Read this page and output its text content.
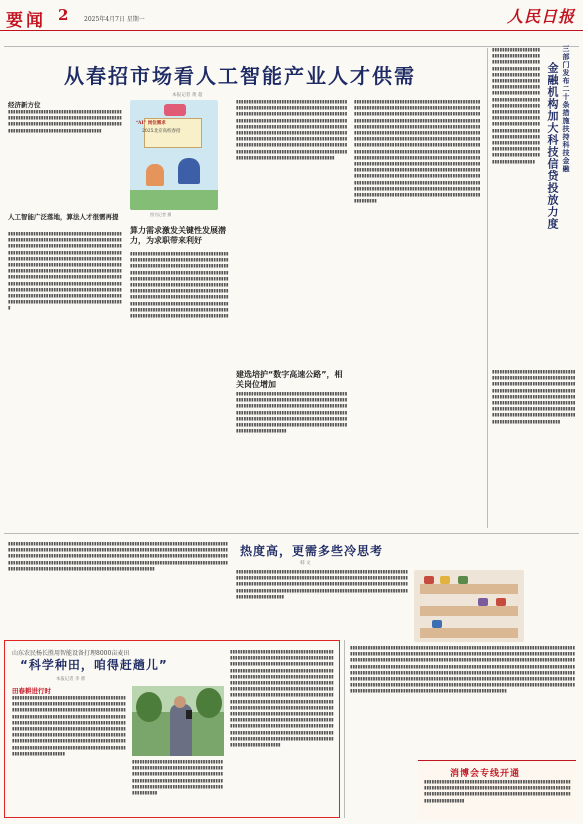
要闻 2	2025年4月7日 星期一	人民日报
从春招市场看人工智能产业人才供需
本报记者 黄 超
经济新方位
▮▮▮▮▮▮▮▮▮▮▮▮▮▮▮▮▮▮▮▮▮▮▮▮▮▮▮▮▮▮▮▮▮▮▮▮▮▮▮▮▮▮▮▮▮▮▮▮▮▮▮▮▮▮▮▮▮▮▮▮▮▮▮▮▮▮▮▮▮▮▮▮▮▮▮▮▮▮▮▮▮▮▮▮▮▮▮▮▮▮▮▮▮▮▮▮▮▮▮▮▮▮▮▮▮▮▮▮▮▮▮▮▮▮▮▮▮▮▮▮▮▮▮▮▮▮▮▮▮▮▮▮▮▮▮▮▮▮▮▮▮▮▮▮▮▮▮▮▮▮▮▮▮▮▮▮▮▮▮▮▮▮▮▮▮▮▮▮▮▮▮▮
人工智能广泛落地，算法人才很需再提
▮▮▮▮▮▮▮▮▮▮▮▮▮▮▮▮▮▮▮▮▮▮▮▮▮▮▮▮▮▮▮▮▮▮▮▮▮▮▮▮▮▮▮▮▮▮▮▮▮▮▮▮▮▮▮▮▮▮▮▮▮▮▮▮▮▮▮▮▮▮▮▮▮▮▮▮▮▮▮▮▮▮▮▮▮▮▮▮▮▮▮▮▮▮▮▮▮▮▮▮▮▮▮▮▮▮▮▮▮▮▮▮▮▮▮▮▮▮▮▮▮▮▮▮▮▮▮▮▮▮▮▮▮▮▮▮▮▮▮▮▮▮▮▮▮▮▮▮▮▮▮▮▮▮▮▮▮▮▮▮▮▮▮▮▮▮▮▮▮▮▮▮▮▮▮▮▮▮▮▮▮▮▮▮▮▮▮▮▮▮▮▮▮▮▮▮▮▮▮▮▮▮▮▮▮▮▮▮▮▮▮▮▮▮▮▮▮▮▮▮▮▮▮▮▮▮▮▮▮▮▮▮▮▮▮▮▮▮▮▮▮▮▮▮▮▮▮▮▮▮▮▮▮▮▮▮▮▮▮▮▮▮▮▮▮▮▮▮▮▮▮▮▮▮▮▮▮▮▮▮▮▮▮▮▮▮▮▮▮▮▮▮▮▮▮▮▮▮▮▮▮▮▮▮▮▮▮▮▮▮▮▮▮▮▮▮▮▮▮▮▮▮▮▮▮▮▮▮▮▮▮▮▮▮▮▮▮▮▮▮▮▮▮▮▮▮▮▮▮▮▮▮▮▮▮▮▮▮▮▮▮▮▮▮▮▮▮▮▮▮▮▮▮▮▮▮▮▮▮▮▮▮▮▮▮▮▮▮▮▮▮▮▮▮▮▮▮▮▮▮▮▮▮▮▮▮▮▮▮▮▮▮▮▮▮▮▮▮▮▮▮▮▮▮▮▮▮▮▮▮▮▮▮▮▮▮▮▮▮▮▮▮▮▮▮▮▮▮▮▮▮▮▮▮▮▮▮▮▮▮▮▮▮▮▮▮▮▮▮▮▮▮▮▮▮▮▮▮▮▮▮▮▮▮▮▮▮▮▮▮▮▮▮▮▮▮▮▮▮▮▮▮▮▮▮▮▮▮▮▮▮▮▮▮▮▮▮▮▮▮▮▮▮▮▮▮▮▮▮▮▮▮▮▮▮▮▮▮▮▮▮
“AI” 岗位需求
2025北京高校春招
图为记者 摄
算力需求激发关键性发展潜力，为求职带来利好
▮▮▮▮▮▮▮▮▮▮▮▮▮▮▮▮▮▮▮▮▮▮▮▮▮▮▮▮▮▮▮▮▮▮▮▮▮▮▮▮▮▮▮▮▮▮▮▮▮▮▮▮▮▮▮▮▮▮▮▮▮▮▮▮▮▮▮▮▮▮▮▮▮▮▮▮▮▮▮▮▮▮▮▮▮▮▮▮▮▮▮▮▮▮▮▮▮▮▮▮▮▮▮▮▮▮▮▮▮▮▮▮▮▮▮▮▮▮▮▮▮▮▮▮▮▮▮▮▮▮▮▮▮▮▮▮▮▮▮▮▮▮▮▮▮▮▮▮▮▮▮▮▮▮▮▮▮▮▮▮▮▮▮▮▮▮▮▮▮▮▮▮▮▮▮▮▮▮▮▮▮▮▮▮▮▮▮▮▮▮▮▮▮▮▮▮▮▮▮▮▮▮▮▮▮▮▮▮▮▮▮▮▮▮▮▮▮▮▮▮▮▮▮▮▮▮▮▮▮▮▮▮▮▮▮▮▮▮▮▮▮▮▮▮▮▮▮▮▮▮▮▮▮▮▮▮▮▮▮▮▮▮▮▮▮▮▮▮▮▮▮▮▮▮▮▮▮▮▮▮▮▮▮▮▮▮▮▮▮▮▮▮▮▮▮▮▮▮▮▮▮▮▮▮▮▮▮▮▮▮▮▮▮▮▮▮▮▮▮▮▮▮▮▮▮▮▮▮▮▮▮▮▮▮▮▮▮▮▮▮▮▮▮▮▮▮▮▮▮▮▮▮▮▮▮▮▮▮▮▮▮▮▮▮▮▮▮▮▮▮▮▮▮▮▮▮▮▮▮▮▮▮▮▮▮▮▮▮▮▮▮▮▮▮▮▮▮▮▮▮▮▮▮▮▮▮▮▮▮▮▮▮▮▮▮▮▮▮▮▮▮▮▮▮▮▮▮▮▮
建选培护“数字高速公路”，相关岗位增加
▮▮▮▮▮▮▮▮▮▮▮▮▮▮▮▮▮▮▮▮▮▮▮▮▮▮▮▮▮▮▮▮▮▮▮▮▮▮▮▮▮▮▮▮▮▮▮▮▮▮▮▮▮▮▮▮▮▮▮▮▮▮▮▮▮▮▮▮▮▮▮▮▮▮▮▮▮▮▮▮▮▮▮▮▮▮▮▮▮▮▮▮▮▮▮▮▮▮▮▮▮▮▮▮▮▮▮▮▮▮▮▮▮▮▮▮▮▮▮▮▮▮▮▮▮▮▮▮▮▮▮▮▮▮▮▮▮▮▮▮▮▮▮▮▮▮▮▮▮▮▮▮▮▮▮▮▮▮▮▮▮▮▮▮▮▮▮▮▮▮▮▮▮▮▮▮▮▮▮▮▮▮▮▮▮▮▮▮▮▮▮▮▮▮▮▮▮▮▮▮▮▮▮▮▮▮▮▮▮▮▮▮▮▮▮▮▮▮▮▮▮▮▮▮▮▮▮▮▮▮▮▮▮▮▮▮▮▮▮▮▮▮▮▮▮▮▮▮▮▮▮▮▮▮▮▮▮▮▮▮▮▮▮▮▮▮▮▮▮▮▮▮▮▮▮▮▮▮▮▮▮▮▮▮▮▮▮▮▮▮▮▮▮▮▮▮▮▮▮▮▮▮▮▮▮▮▮▮▮▮▮▮▮▮▮▮▮▮▮▮▮▮▮▮▮▮▮▮▮▮▮▮▮▮▮▮▮▮▮▮▮▮▮▮▮▮▮▮▮▮▮▮▮▮▮▮▮▮▮▮▮▮▮▮▮▮▮▮▮▮▮▮▮▮▮▮▮▮▮▮▮▮▮▮▮▮▮▮▮▮▮▮▮▮▮▮▮▮▮▮▮▮▮▮▮▮▮▮▮▮▮▮▮▮▮▮▮▮▮▮▮▮▮▮▮▮▮▮▮▮▮▮▮▮▮
▮▮▮▮▮▮▮▮▮▮▮▮▮▮▮▮▮▮▮▮▮▮▮▮▮▮▮▮▮▮▮▮▮▮▮▮▮▮▮▮▮▮▮▮▮▮▮▮▮▮▮▮▮▮▮▮▮▮▮▮▮▮▮▮▮▮▮▮▮▮▮▮▮▮▮▮▮▮▮▮▮▮▮▮▮▮▮▮▮▮▮▮▮▮▮▮▮▮▮▮▮▮▮▮▮▮▮▮▮▮▮▮▮▮▮▮▮▮▮▮▮▮▮▮▮▮▮▮▮▮▮▮▮▮▮▮▮▮▮▮▮▮▮▮▮▮▮▮▮▮▮▮▮▮▮▮▮▮▮▮▮▮▮▮▮▮▮▮▮▮▮▮▮▮▮▮▮▮▮▮▮▮▮▮▮▮▮▮▮▮▮▮▮▮▮▮▮▮▮▮▮▮▮▮▮▮▮▮▮▮▮▮▮▮▮▮▮▮▮▮▮▮▮▮▮▮▮▮▮▮▮▮▮▮▮▮▮▮▮▮▮▮▮▮▮▮▮▮▮▮▮▮▮▮▮▮▮▮▮▮▮▮▮▮▮▮▮▮▮▮▮▮▮▮▮▮▮▮▮▮▮▮▮▮
▮▮▮▮▮▮▮▮▮▮▮▮▮▮▮▮▮▮▮▮▮▮▮▮▮▮▮▮▮▮▮▮▮▮▮▮▮▮▮▮▮▮▮▮▮▮▮▮▮▮▮▮▮▮▮▮▮▮▮▮▮▮▮▮▮▮▮▮▮▮▮▮▮▮▮▮▮▮▮▮▮▮▮▮▮▮▮▮▮▮▮▮▮▮▮▮▮▮▮▮▮▮▮▮▮▮▮▮▮▮▮▮▮▮▮▮▮▮▮▮▮▮▮▮▮▮▮▮▮▮▮▮▮▮▮▮▮▮▮▮▮▮▮▮▮▮▮▮▮▮▮▮▮▮▮▮▮▮▮▮▮▮▮▮▮▮▮▮▮▮▮▮▮▮▮▮▮▮▮▮▮▮▮▮▮▮▮▮▮▮▮▮▮▮▮▮▮▮▮▮▮▮▮▮▮▮▮▮▮▮▮▮▮▮▮▮▮▮▮▮▮▮▮▮▮▮▮▮▮▮▮▮▮▮▮▮▮▮▮▮▮▮▮▮▮▮▮▮▮▮▮▮▮▮▮▮▮▮▮▮▮▮▮▮▮▮▮▮▮▮▮▮▮▮▮▮▮▮▮▮▮▮▮▮▮▮▮▮▮▮▮▮▮▮▮▮▮▮▮▮▮▮▮▮▮▮▮▮▮▮▮▮▮▮▮▮▮▮▮▮▮▮▮▮▮▮▮▮▮▮▮▮▮▮▮▮▮▮▮▮▮▮▮▮▮▮▮▮▮▮▮▮▮▮▮▮▮▮▮▮▮▮▮▮▮▮▮▮▮▮▮▮▮▮▮▮▮▮▮▮▮▮▮▮▮▮▮▮▮▮▮▮▮▮▮▮▮▮▮▮▮▮▮▮▮▮▮▮▮▮▮▮▮▮▮▮▮▮▮▮▮▮▮▮▮▮▮▮▮▮▮▮▮▮▮▮▮▮▮▮▮▮▮▮▮▮▮▮▮▮▮▮▮▮▮▮▮▮▮▮▮▮▮▮▮▮▮▮▮▮▮▮▮▮▮▮▮▮▮▮▮▮▮▮▮▮▮▮▮▮▮▮▮▮▮▮▮▮▮▮▮▮▮▮▮▮▮▮▮▮▮▮▮▮▮▮▮▮▮▮▮▮▮▮▮▮▮▮▮▮▮▮▮▮▮▮▮▮▮▮▮▮▮▮▮▮▮▮▮▮▮▮▮▮▮▮▮▮▮▮▮▮▮▮▮▮▮▮▮▮▮▮▮▮▮▮▮▮▮▮▮▮▮▮▮▮▮▮▮▮▮▮▮▮▮▮▮▮▮▮▮▮▮▮▮▮▮▮▮▮▮▮▮▮▮▮▮▮▮▮▮▮▮▮▮▮▮▮▮▮▮▮▮▮▮▮▮▮▮▮▮▮▮▮▮▮▮▮▮▮▮▮▮▮▮▮▮▮▮▮▮▮▮▮▮▮▮▮▮▮▮▮▮▮▮▮▮▮▮▮▮▮▮▮▮▮▮▮▮▮▮▮▮▮▮▮▮▮▮▮▮▮▮▮▮▮▮▮▮▮▮▮▮▮▮▮▮▮▮▮▮▮▮▮▮▮▮▮▮▮▮▮▮▮▮▮▮▮▮▮▮▮▮▮▮▮▮▮▮▮▮▮▮▮▮▮▮▮▮▮▮▮▮▮▮▮▮▮▮▮▮▮▮▮▮▮▮▮▮▮▮▮▮▮▮▮▮▮▮▮▮▮▮▮▮▮▮▮▮▮▮▮▮▮▮▮▮▮▮
三部门发布二十条措施扶持科技金融
金融机构加大科技信贷投放力度
▮▮▮▮▮▮▮▮▮▮▮▮▮▮▮▮▮▮▮▮▮▮▮▮▮▮▮▮▮▮▮▮▮▮▮▮▮▮▮▮▮▮▮▮▮▮▮▮▮▮▮▮▮▮▮▮▮▮▮▮▮▮▮▮▮▮▮▮▮▮▮▮▮▮▮▮▮▮▮▮▮▮▮▮▮▮▮▮▮▮▮▮▮▮▮▮▮▮▮▮▮▮▮▮▮▮▮▮▮▮▮▮▮▮▮▮▮▮▮▮▮▮▮▮▮▮▮▮▮▮▮▮▮▮▮▮▮▮▮▮▮▮▮▮▮▮▮▮▮▮▮▮▮▮▮▮▮▮▮▮▮▮▮▮▮▮▮▮▮▮▮▮▮▮▮▮▮▮▮▮▮▮▮▮▮▮▮▮▮▮▮▮▮▮▮▮▮▮▮▮▮▮▮▮▮▮▮▮▮▮▮▮▮▮▮▮▮▮▮▮▮▮▮▮▮▮▮▮▮▮▮▮▮▮▮▮▮▮▮▮▮▮▮▮▮▮▮▮▮▮▮▮▮▮▮▮▮▮▮▮▮▮▮▮▮▮▮▮▮▮▮▮▮▮▮▮▮▮▮▮▮▮▮▮▮▮▮▮▮▮▮▮▮▮▮▮▮▮▮▮▮▮▮▮▮▮▮▮▮▮▮▮▮▮▮▮▮▮▮▮▮▮▮▮▮▮▮▮▮▮▮▮▮▮▮▮▮▮▮▮▮▮▮▮▮▮▮▮▮▮▮▮▮▮▮▮▮▮▮
▮▮▮▮▮▮▮▮▮▮▮▮▮▮▮▮▮▮▮▮▮▮▮▮▮▮▮▮▮▮▮▮▮▮▮▮▮▮▮▮▮▮▮▮▮▮▮▮▮▮▮▮▮▮▮▮▮▮▮▮▮▮▮▮▮▮▮▮▮▮▮▮▮▮▮▮▮▮▮▮▮▮▮▮▮▮▮▮▮▮▮▮▮▮▮▮▮▮▮▮▮▮▮▮▮▮▮▮▮▮▮▮▮▮▮▮▮▮▮▮▮▮▮▮▮▮▮▮▮▮▮▮▮▮▮▮▮▮▮▮▮▮▮▮▮▮▮▮▮▮▮▮▮▮▮▮▮▮▮▮▮▮▮▮▮▮▮▮▮▮▮▮▮▮▮▮▮▮▮▮▮▮▮▮▮▮▮▮▮▮▮▮▮▮▮▮▮▮▮▮▮▮▮▮▮▮▮▮▮▮▮▮▮▮▮▮▮▮▮▮▮▮▮▮▮▮▮▮▮▮▮▮▮▮▮▮▮▮▮▮▮▮▮▮▮▮▮▮▮▮▮▮▮▮▮▮▮▮▮▮▮▮▮▮▮▮▮▮▮▮▮▮▮▮▮▮▮▮▮▮▮▮▮▮▮▮▮▮▮▮▮
热度高，更需多些冷思考
韩 文
▮▮▮▮▮▮▮▮▮▮▮▮▮▮▮▮▮▮▮▮▮▮▮▮▮▮▮▮▮▮▮▮▮▮▮▮▮▮▮▮▮▮▮▮▮▮▮▮▮▮▮▮▮▮▮▮▮▮▮▮▮▮▮▮▮▮▮▮▮▮▮▮▮▮▮▮▮▮▮▮▮▮▮▮▮▮▮▮▮▮▮▮▮▮▮▮▮▮▮▮▮▮▮▮▮▮▮▮▮▮▮▮▮▮▮▮▮▮▮▮▮▮▮▮▮▮▮▮▮▮▮▮▮▮▮▮▮▮▮▮▮▮▮▮▮▮▮▮▮▮▮▮▮▮▮▮▮▮▮▮▮▮▮▮▮▮▮▮▮▮▮▮▮▮▮▮▮▮▮▮▮▮▮▮▮▮▮▮▮▮▮▮▮▮▮▮▮▮▮▮▮▮▮▮▮▮▮▮▮▮▮▮▮▮▮▮▮▮▮▮▮▮▮▮▮▮▮▮▮▮▮▮▮▮▮▮▮▮▮▮▮▮▮▮▮▮▮▮▮▮▮▮▮▮▮▮▮▮▮▮▮▮▮▮▮▮▮▮▮▮▮▮▮▮▮▮▮▮▮▮▮▮▮▮▮▮▮▮▮▮▮▮▮▮▮▮▮▮▮▮▮▮▮▮▮▮▮▮▮▮▮▮▮▮▮▮▮▮▮▮▮▮▮▮▮▮▮▮▮▮▮▮▮▮▮▮▮▮▮▮▮▮▮▮▮▮▮▮▮▮▮▮▮▮▮▮▮▮▮▮▮▮▮▮▮▮▮▮▮▮▮▮▮▮▮▮▮▮▮▮▮▮▮▮▮▮▮▮▮▮▮▮▮▮▮▮▮▮▮▮▮▮▮▮▮▮
▮▮▮▮▮▮▮▮▮▮▮▮▮▮▮▮▮▮▮▮▮▮▮▮▮▮▮▮▮▮▮▮▮▮▮▮▮▮▮▮▮▮▮▮▮▮▮▮▮▮▮▮▮▮▮▮▮▮▮▮▮▮▮▮▮▮▮▮▮▮▮▮▮▮▮▮▮▮▮▮▮▮▮▮▮▮▮▮▮▮▮▮▮▮▮▮▮▮▮▮▮▮▮▮▮▮▮▮▮▮▮▮▮▮▮▮▮▮▮▮▮▮▮▮▮▮▮▮▮▮▮▮▮▮▮▮▮▮▮▮▮▮▮▮▮▮▮▮▮▮▮▮▮▮▮▮▮▮▮▮▮▮▮▮▮▮▮▮▮▮▮▮▮▮▮▮▮▮▮▮▮▮▮▮▮▮▮▮▮▮▮▮▮▮▮▮▮▮▮▮▮▮▮▮▮▮▮▮▮▮▮▮▮▮▮▮▮▮▮▮▮▮▮▮▮▮▮▮▮▮▮▮▮▮▮▮▮▮▮▮▮▮▮▮▮▮▮▮▮▮▮▮▮▮▮▮▮▮▮▮▮▮▮▮▮▮▮▮▮▮▮▮▮▮▮▮▮▮▮▮▮▮▮▮▮▮▮▮▮▮▮
▮▮▮▮▮▮▮▮▮▮▮▮▮▮▮▮▮▮▮▮▮▮▮▮▮▮▮▮▮▮▮▮▮▮▮▮▮▮▮▮▮▮▮▮▮▮▮▮▮▮▮▮▮▮▮▮▮▮▮▮▮▮▮▮▮▮▮▮▮▮▮▮▮▮▮▮▮▮▮▮▮▮▮▮▮▮▮▮▮▮▮▮▮▮▮▮▮▮▮▮▮▮▮▮▮▮▮▮▮▮▮▮▮▮▮▮▮▮▮▮▮▮▮▮▮▮▮▮▮▮▮▮▮▮▮▮▮▮▮▮▮▮▮▮▮▮▮▮▮▮▮▮▮▮▮▮▮▮▮▮▮▮▮▮▮▮▮▮▮▮▮▮▮▮▮▮▮▮▮▮▮▮▮▮▮▮▮▮▮▮▮▮▮▮▮▮▮▮▮▮▮▮▮▮▮▮▮▮▮▮▮▮▮▮▮▮▮▮▮▮▮▮▮▮▮▮▮▮▮▮▮▮▮▮▮▮▮▮▮▮▮▮▮▮▮▮▮▮▮▮▮▮▮▮▮▮▮▮▮▮▮▮▮▮▮▮▮▮▮▮▮▮▮▮▮▮▮▮▮▮▮▮▮▮▮▮▮▮▮▮▮▮▮▮▮▮▮▮▮▮▮▮▮▮▮▮▮▮▮▮▮▮▮▮▮▮▮▮▮▮▮▮▮▮▮▮▮▮▮▮▮▮▮▮▮▮▮▮▮▮▮▮▮▮▮▮▮▮▮▮▮▮▮▮▮▮▮▮▮▮▮▮▮▮▮▮▮▮▮▮▮▮▮▮▮▮▮▮▮▮▮▮▮▮▮▮▮▮▮▮▮▮▮▮▮▮▮▮▮▮▮▮▮▮▮▮▮▮▮▮▮▮▮▮▮▮▮▮▮▮▮▮▮▮▮▮▮▮▮▮▮▮▮▮▮▮▮▮▮▮▮▮▮▮▮▮▮▮▮▮▮▮▮▮▮▮▮▮▮▮▮▮▮▮▮▮▮▮▮▮▮▮▮▮▮▮▮▮▮▮▮▮▮▮▮▮▮▮▮▮▮▮▮▮▮▮▮▮▮▮▮▮▮▮▮▮▮▮▮▮▮▮▮▮▮▮▮▮▮▮▮▮▮▮▮▮▮▮▮▮▮▮▮▮▮▮▮▮▮▮▮▮▮▮▮▮▮▮▮▮▮▮▮▮▮▮▮▮▮▮▮▮▮▮▮▮▮▮▮▮▮▮▮▮▮▮▮▮▮▮▮▮▮▮▮▮▮▮▮▮▮▮▮▮▮▮▮▮▮▮▮▮▮▮▮▮▮▮▮▮▮▮▮▮▮▮▮▮▮▮▮▮▮▮▮▮▮▮▮▮▮▮▮▮▮▮▮▮▮▮▮▮▮▮▮▮▮▮▮▮▮▮▮▮▮▮▮▮▮▮▮▮▮▮▮▮▮▮▮▮▮▮▮▮▮▮▮▮▮▮▮▮▮▮▮
山东农民杨长胜用智能设备打理8000亩麦田
“科学种田，咱得赶趟儿”
本报记者 李 蕾
田春耕进行时
▮▮▮▮▮▮▮▮▮▮▮▮▮▮▮▮▮▮▮▮▮▮▮▮▮▮▮▮▮▮▮▮▮▮▮▮▮▮▮▮▮▮▮▮▮▮▮▮▮▮▮▮▮▮▮▮▮▮▮▮▮▮▮▮▮▮▮▮▮▮▮▮▮▮▮▮▮▮▮▮▮▮▮▮▮▮▮▮▮▮▮▮▮▮▮▮▮▮▮▮▮▮▮▮▮▮▮▮▮▮▮▮▮▮▮▮▮▮▮▮▮▮▮▮▮▮▮▮▮▮▮▮▮▮▮▮▮▮▮▮▮▮▮▮▮▮▮▮▮▮▮▮▮▮▮▮▮▮▮▮▮▮▮▮▮▮▮▮▮▮▮▮▮▮▮▮▮▮▮▮▮▮▮▮▮▮▮▮▮▮▮▮▮▮▮▮▮▮▮▮▮▮▮▮▮▮▮▮▮▮▮▮▮▮▮▮▮▮▮▮▮▮▮▮▮▮▮▮▮▮▮▮▮▮▮▮▮▮▮▮▮▮▮▮▮▮▮▮▮▮▮▮▮▮▮▮▮▮▮▮▮▮▮▮▮▮▮▮▮▮▮▮▮▮▮▮▮▮▮▮▮▮▮▮▮▮▮▮▮▮▮▮▮▮▮▮▮▮▮▮▮▮▮▮▮▮▮▮▮▮▮▮▮▮▮▮▮▮▮▮▮▮▮▮▮▮▮▮▮▮▮▮▮▮▮▮▮▮▮▮▮▮▮▮▮▮▮▮▮▮▮▮▮▮▮▮▮▮▮▮▮▮▮▮▮▮▮▮▮▮▮▮▮▮▮▮▮▮▮▮▮▮▮▮▮▮▮▮▮▮▮▮▮▮▮▮▮▮▮▮▮▮▮▮▮▮▮▮▮▮▮▮▮▮▮▮▮▮▮▮▮▮▮▮▮▮
▮▮▮▮▮▮▮▮▮▮▮▮▮▮▮▮▮▮▮▮▮▮▮▮▮▮▮▮▮▮▮▮▮▮▮▮▮▮▮▮▮▮▮▮▮▮▮▮▮▮▮▮▮▮▮▮▮▮▮▮▮▮▮▮▮▮▮▮▮▮▮▮▮▮▮▮▮▮▮▮▮▮▮▮▮▮▮▮▮▮▮▮▮▮▮▮▮▮▮▮▮▮▮▮▮▮▮▮▮▮▮▮▮▮▮▮▮▮▮▮▮▮▮▮▮▮▮▮▮▮▮▮▮▮▮▮▮▮▮▮▮▮▮▮▮▮▮▮▮▮▮▮▮▮▮▮▮▮▮▮▮▮▮▮▮▮▮▮▮▮▮▮▮▮▮▮▮▮▮▮▮▮▮▮▮▮▮▮▮▮
▮▮▮▮▮▮▮▮▮▮▮▮▮▮▮▮▮▮▮▮▮▮▮▮▮▮▮▮▮▮▮▮▮▮▮▮▮▮▮▮▮▮▮▮▮▮▮▮▮▮▮▮▮▮▮▮▮▮▮▮▮▮▮▮▮▮▮▮▮▮▮▮▮▮▮▮▮▮▮▮▮▮▮▮▮▮▮▮▮▮▮▮▮▮▮▮▮▮▮▮▮▮▮▮▮▮▮▮▮▮▮▮▮▮▮▮▮▮▮▮▮▮▮▮▮▮▮▮▮▮▮▮▮▮▮▮▮▮▮▮▮▮▮▮▮▮▮▮▮▮▮▮▮▮▮▮▮▮▮▮▮▮▮▮▮▮▮▮▮▮▮▮▮▮▮▮▮▮▮▮▮▮▮▮▮▮▮▮▮▮▮▮▮▮▮▮▮▮▮▮▮▮▮▮▮▮▮▮▮▮▮▮▮▮▮▮▮▮▮▮▮▮▮▮▮▮▮▮▮▮▮▮▮▮▮▮▮▮▮▮▮▮▮▮▮▮▮▮▮▮▮▮▮▮▮▮▮▮▮▮▮▮▮▮▮▮▮▮▮▮▮▮▮▮▮▮▮▮▮▮▮▮▮▮▮▮▮▮▮▮▮▮▮▮▮▮▮▮▮▮▮▮▮▮▮▮▮▮▮▮▮▮▮▮▮▮▮▮▮▮▮▮▮▮▮▮▮▮▮▮▮▮▮▮▮▮▮▮▮▮▮▮▮▮▮▮▮▮▮▮▮▮▮▮▮▮▮▮▮▮▮▮▮▮▮▮▮▮▮▮▮▮▮▮▮▮▮▮▮▮▮▮▮▮▮▮▮▮▮▮▮▮▮▮▮▮▮▮▮▮▮▮▮▮▮▮▮▮▮▮▮▮▮▮▮▮▮▮▮▮▮▮▮▮▮▮▮▮▮▮▮▮▮▮▮▮▮▮▮▮▮▮▮▮▮▮▮▮▮▮▮▮▮▮▮▮▮▮▮▮▮▮▮▮▮▮▮▮▮▮▮▮▮▮▮▮▮▮▮▮▮▮▮▮▮▮▮▮▮▮▮▮▮▮▮▮▮▮▮▮▮▮▮▮▮▮▮▮▮▮▮▮▮▮▮▮▮▮▮▮▮▮▮▮▮▮▮▮▮▮▮▮▮▮▮▮▮▮▮▮▮▮▮▮▮▮▮▮▮▮▮▮▮▮▮▮▮▮▮▮▮▮▮▮▮▮▮▮▮▮▮▮▮▮▮▮▮▮▮▮▮▮▮▮▮▮▮▮▮▮▮▮▮▮▮▮▮▮▮▮▮▮▮▮▮▮▮▮▮▮▮▮▮▮▮▮▮▮▮▮▮▮▮▮▮▮▮▮▮▮▮▮▮▮▮
消博会专线开通
▮▮▮▮▮▮▮▮▮▮▮▮▮▮▮▮▮▮▮▮▮▮▮▮▮▮▮▮▮▮▮▮▮▮▮▮▮▮▮▮▮▮▮▮▮▮▮▮▮▮▮▮▮▮▮▮▮▮▮▮▮▮▮▮▮▮▮▮▮▮▮▮▮▮▮▮▮▮▮▮▮▮▮▮▮▮▮▮▮▮▮▮▮▮▮▮▮▮▮▮▮▮▮▮▮▮▮▮▮▮▮▮▮▮▮▮▮▮▮▮▮▮▮▮▮▮▮▮▮▮▮▮▮▮▮▮▮▮▮▮▮▮▮▮▮▮▮▮▮▮▮▮▮▮▮▮▮▮▮▮▮▮▮▮▮▮▮▮▮▮▮▮▮▮▮▮▮▮▮▮▮▮▮▮▮▮▮▮▮▮
